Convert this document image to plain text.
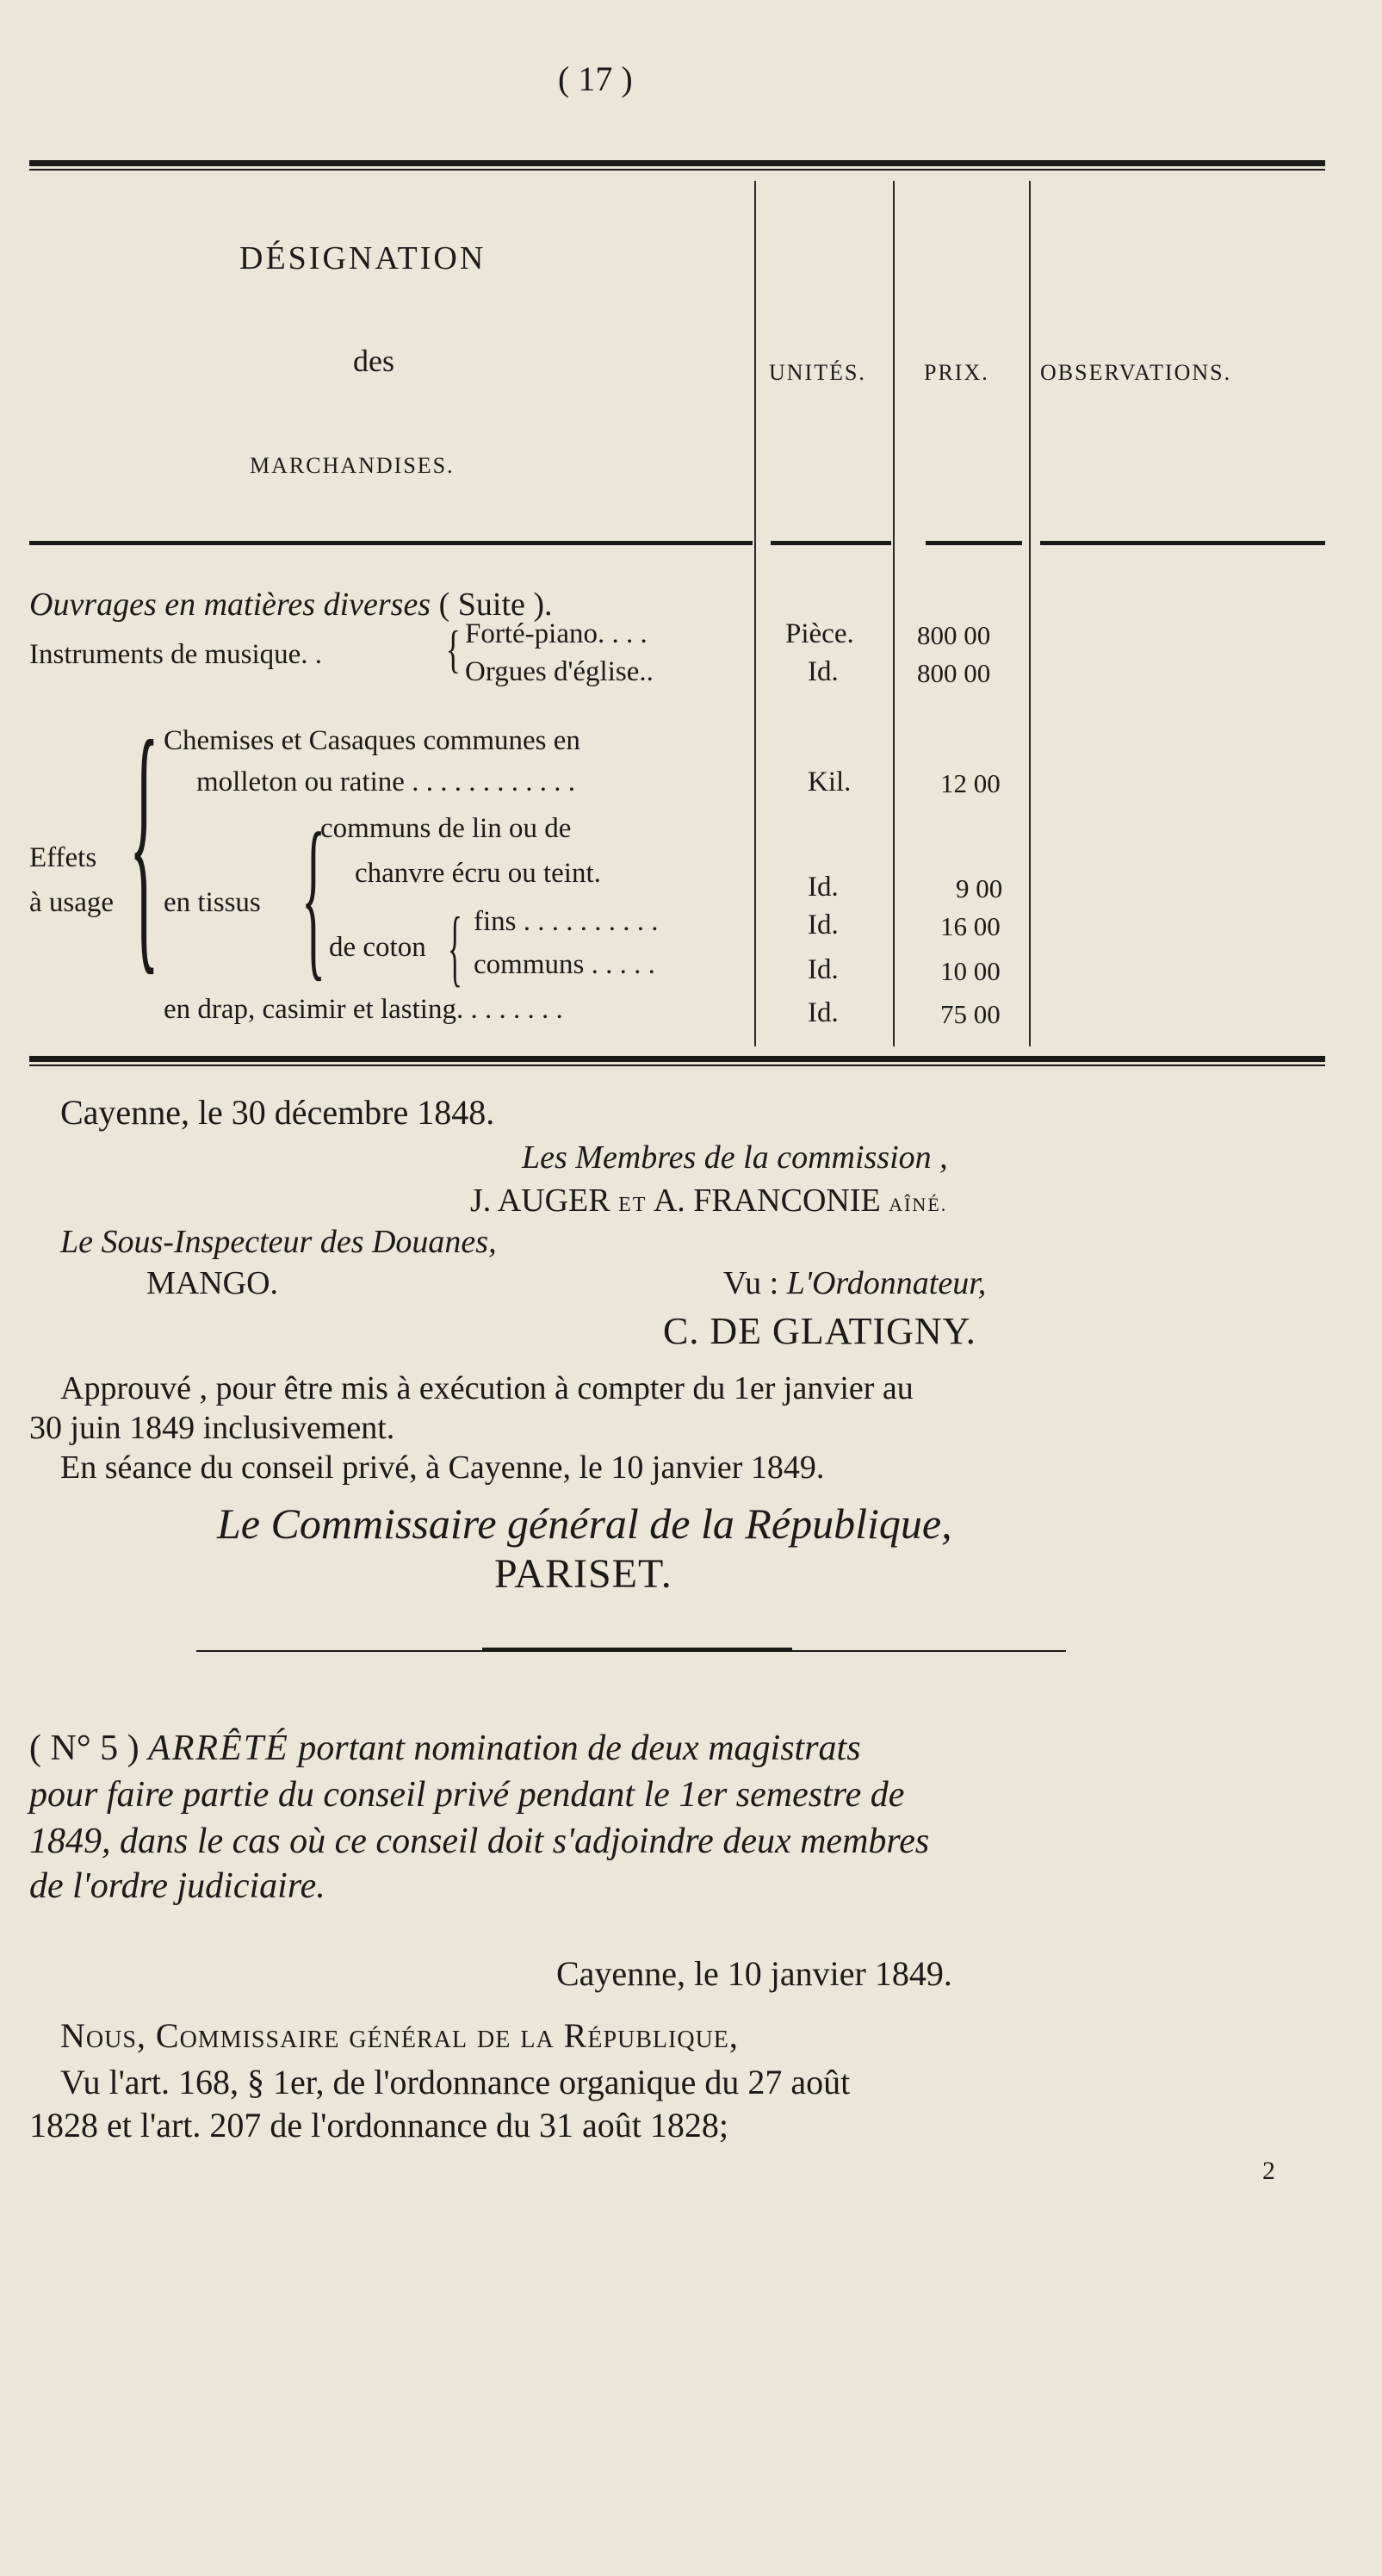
( 17 )
DÉSIGNATION
des
MARCHANDISES.
UNITÉS.	PRIX. OBSERVATIONS.
Ouvrages en matières diverses ( Suite ).
Instruments de musique. . { Forté-piano. . . .	Pièce. 800 00
Orgues d'église..	Id.	800 00
Effets
à usage { Chemises et Casaques communes en
molleton ou ratine . . . . . . . . . . . .	Kil.	12 00
en tissus {
communs de lin ou de
chanvre écru ou teint.	Id.	9 00
de coton { fins . . . . . . . . . .	Id.	16 00
communs . . . . .	Id.	10 00
en drap, casimir et lasting. . . . . . . .	Id.	75 00
Cayenne, le 30 décembre 1848.
Les Membres de la commission ,
J. AUGER ET A. FRANCONIE AÎNÉ.
Le Sous-Inspecteur des Douanes,
MANGO.	Vu : L'Ordonnateur,
C. DE GLATIGNY.
Approuvé , pour être mis à exécution à compter du 1er janvier au
30 juin 1849 inclusivement.
En séance du conseil privé, à Cayenne, le 10 janvier 1849.
Le Commissaire général de la République,
PARISET.
( N° 5 ) ARRÊTÉ portant nomination de deux magistrats
pour faire partie du conseil privé pendant le 1er semestre de
1849, dans le cas où ce conseil doit s'adjoindre deux membres
de l'ordre judiciaire.
Cayenne, le 10 janvier 1849.
Nous, Commissaire général de la République,
Vu l'art. 168, § 1er, de l'ordonnance organique du 27 août
1828 et l'art. 207 de l'ordonnance du 31 août 1828;
2
